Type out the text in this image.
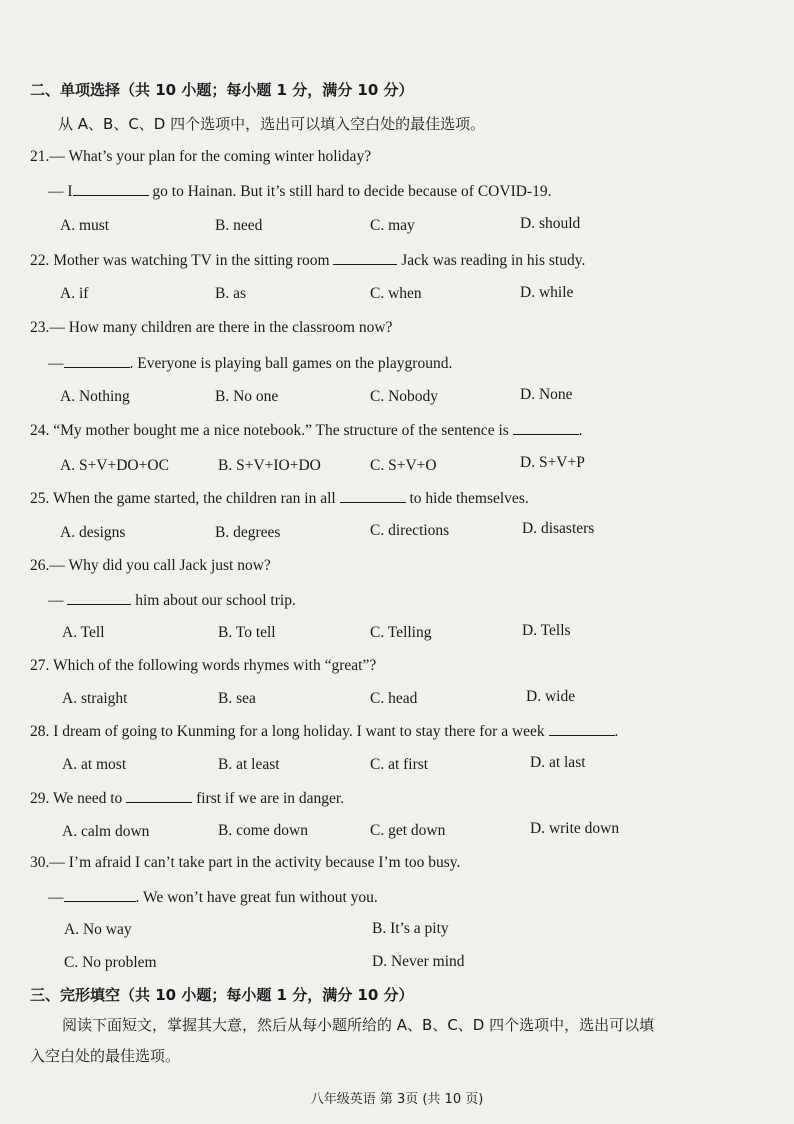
二、单项选择（共 10 小题；每小题 1 分，满分 10 分）
从 A、B、C、D 四个选项中，选出可以填入空白处的最佳选项。
21.— What’s your plan for the coming winter holiday?
— I	go to Hainan. But it’s still hard to decide because of COVID-19.
A. must	B. need	C. may	D. should
22. Mother was watching TV in the sitting room	Jack was reading in his study.
A. if	B. as	C. when	D. while
23.— How many children are there in the classroom now?
—	. Everyone is playing ball games on the playground.
A. Nothing	B. No one	C. Nobody	D. None
24. “My mother bought me a nice notebook.” The structure of the sentence is	.
A. S+V+DO+OC	B. S+V+IO+DO	C. S+V+O	D. S+V+P
25. When the game started, the children ran in all	to hide themselves.
A. designs	B. degrees	C. directions	D. disasters
26.— Why did you call Jack just now?
—	him about our school trip.
A. Tell	B. To tell	C. Telling	D. Tells
27. Which of the following words rhymes with “great”?
A. straight	B. sea	C. head	D. wide
28. I dream of going to Kunming for a long holiday. I want to stay there for a week	.
A. at most	B. at least	C. at first	D. at last
29. We need to	first if we are in danger.
A. calm down	B. come down	C. get down	D. write down
30.— I’m afraid I can’t take part in the activity because I’m too busy.
—	. We won’t have great fun without you.
A. No way	B. It’s a pity
C. No problem	D. Never mind
三、完形填空（共 10 小题；每小题 1 分，满分 10 分）
阅读下面短文，掌握其大意，然后从每小题所给的 A、B、C、D 四个选项中，选出可以填
入空白处的最佳选项。
八年级英语 第 3页 (共 10 页)
